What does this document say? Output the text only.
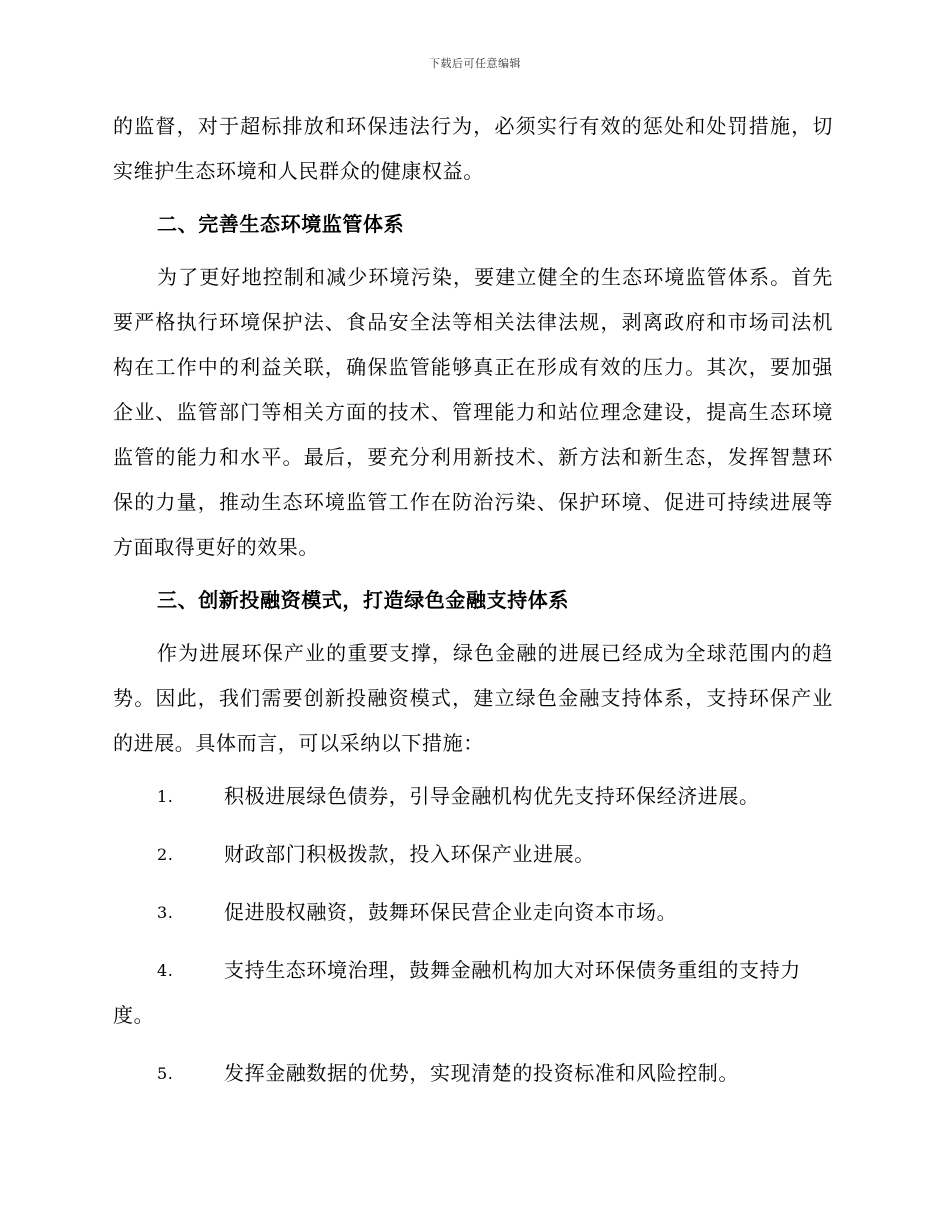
下载后可任意编辑

的监督，对于超标排放和环保违法行为，必须实行有效的惩处和处罚措施，切实维护生态环境和人民群众的健康权益。

二、完善生态环境监管体系

为了更好地控制和减少环境污染，要建立健全的生态环境监管体系。首先要严格执行环境保护法、食品安全法等相关法律法规，剥离政府和市场司法机构在工作中的利益关联，确保监管能够真正在形成有效的压力。其次，要加强企业、监管部门等相关方面的技术、管理能力和站位理念建设，提高生态环境监管的能力和水平。最后，要充分利用新技术、新方法和新生态，发挥智慧环保的力量，推动生态环境监管工作在防治污染、保护环境、促进可持续进展等方面取得更好的效果。

三、创新投融资模式，打造绿色金融支持体系

作为进展环保产业的重要支撑，绿色金融的进展已经成为全球范围内的趋势。因此，我们需要创新投融资模式，建立绿色金融支持体系，支持环保产业的进展。具体而言，可以采纳以下措施：

1.	积极进展绿色债券，引导金融机构优先支持环保经济进展。
2.	财政部门积极拨款，投入环保产业进展。
3.	促进股权融资，鼓舞环保民营企业走向资本市场。
4.	支持生态环境治理，鼓舞金融机构加大对环保债务重组的支持力度。
5.	发挥金融数据的优势，实现清楚的投资标准和风险控制。
